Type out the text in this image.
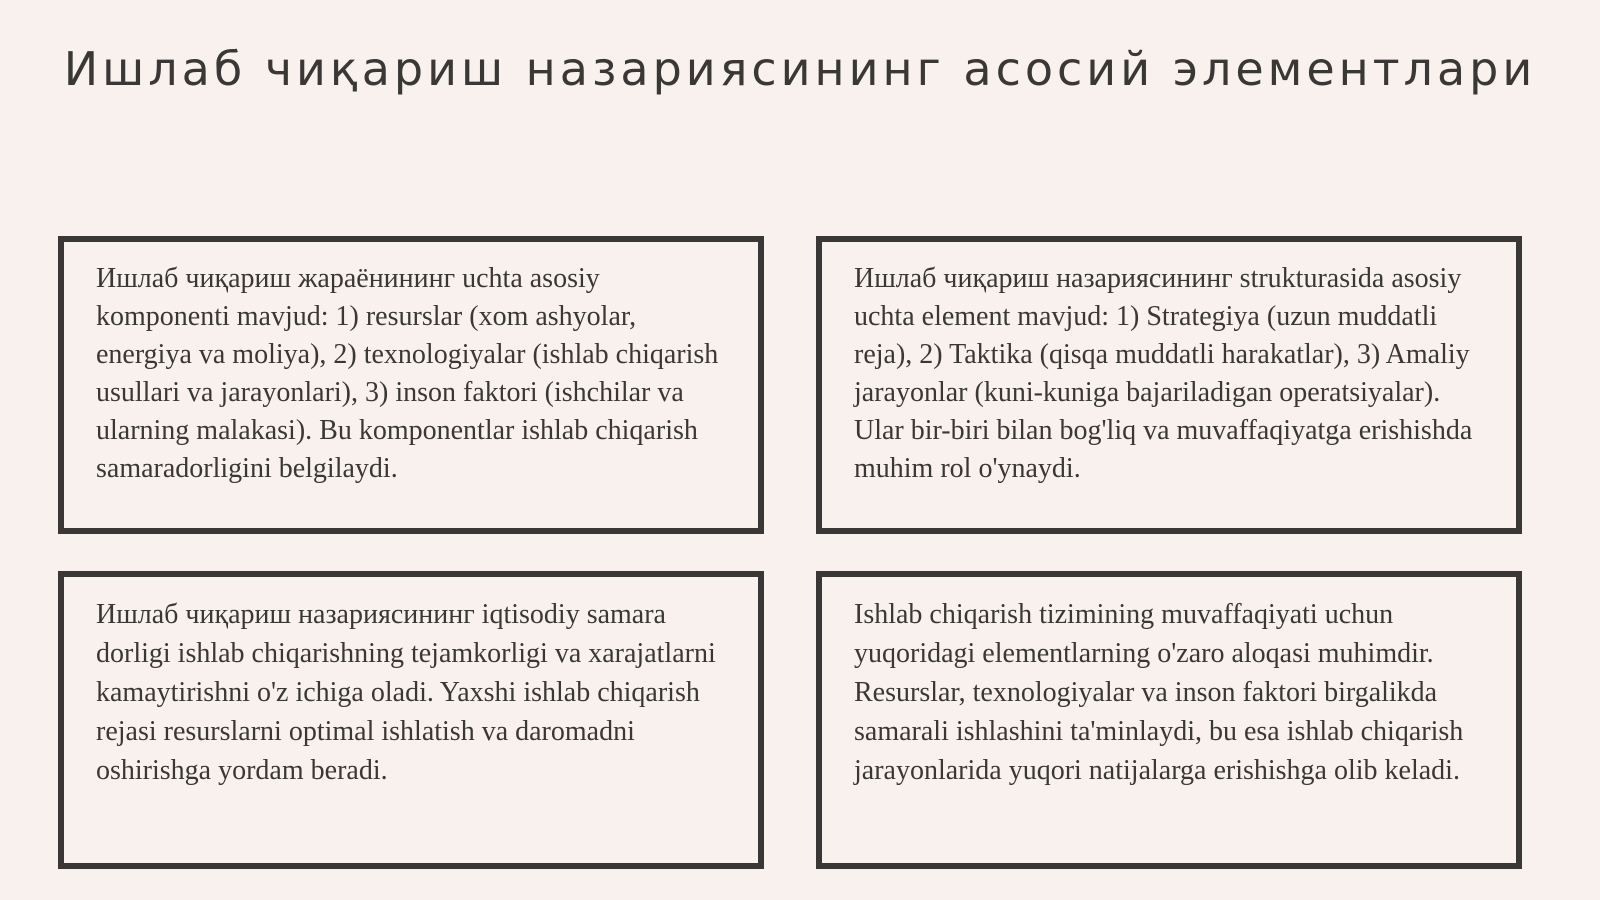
Ишлаб чиқариш назариясининг асосий элементлари

Ишлаб чиқариш жараёнининг uchta asosiy komponenti mavjud: 1) resurslar (xom ashyolar, energiya va moliya), 2) texnologiyalar (ishlab chiqarish usullari va jarayonlari), 3) inson faktori (ishchilar va ularning malakasi). Bu komponentlar ishlab chiqarish samaradorligini belgilaydi.

Ишлаб чиқариш назариясининг strukturasida asosiy uchta element mavjud: 1) Strategiya (uzun muddatli reja), 2) Taktika (qisqa muddatli harakatlar), 3) Amaliy jarayonlar (kuni-kuniga bajariladigan operatsiyalar). Ular bir-biri bilan bog'liq va muvaffaqiyatga erishishda muhim rol o'ynaydi.

Ишлаб чиқариш назариясининг iqtisodiy samara dorligi ishlab chiqarishning tejamkorligi va xarajatlarni kamaytirishni o'z ichiga oladi. Yaxshi ishlab chiqarish rejasi resurslarni optimal ishlatish va daromadni oshirishga yordam beradi.

Ishlab chiqarish tizimining muvaffaqiyati uchun yuqoridagi elementlarning o'zaro aloqasi muhimdir. Resurslar, texnologiyalar va inson faktori birgalikda samarali ishlashini ta'minlaydi, bu esa ishlab chiqarish jarayonlarida yuqori natijalarga erishishga olib keladi.
